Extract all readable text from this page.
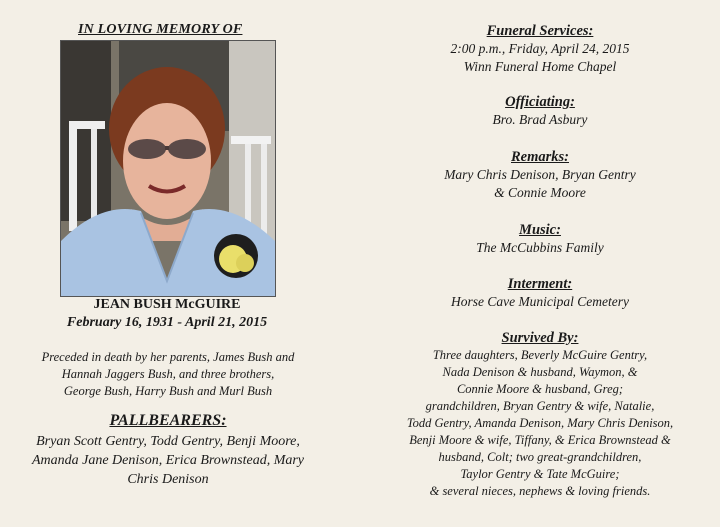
IN LOVING MEMORY OF
JEAN BUSH McGUIRE
February 16, 1931 - April 21, 2015
Preceded in death by her parents, James Bush and
Hannah Jaggers Bush, and three brothers,
George Bush, Harry Bush and Murl Bush
PALLBEARERS:
Bryan Scott Gentry, Todd Gentry, Benji Moore,
Amanda Jane Denison, Erica Brownstead, Mary
Chris Denison
Funeral Services:
2:00 p.m., Friday, April 24, 2015
Winn Funeral Home Chapel
Officiating:
Bro. Brad Asbury
Remarks:
Mary Chris Denison, Bryan Gentry
& Connie Moore
Music:
The McCubbins Family
Interment:
Horse Cave Municipal Cemetery
Survived By:
Three daughters, Beverly McGuire Gentry,
Nada Denison & husband, Waymon, &
Connie Moore & husband, Greg;
grandchildren, Bryan Gentry & wife, Natalie,
Todd Gentry, Amanda Denison, Mary Chris Denison,
Benji Moore & wife, Tiffany, & Erica Brownstead &
husband, Colt; two great-grandchildren,
Taylor Gentry & Tate McGuire;
& several nieces, nephews & loving friends.
